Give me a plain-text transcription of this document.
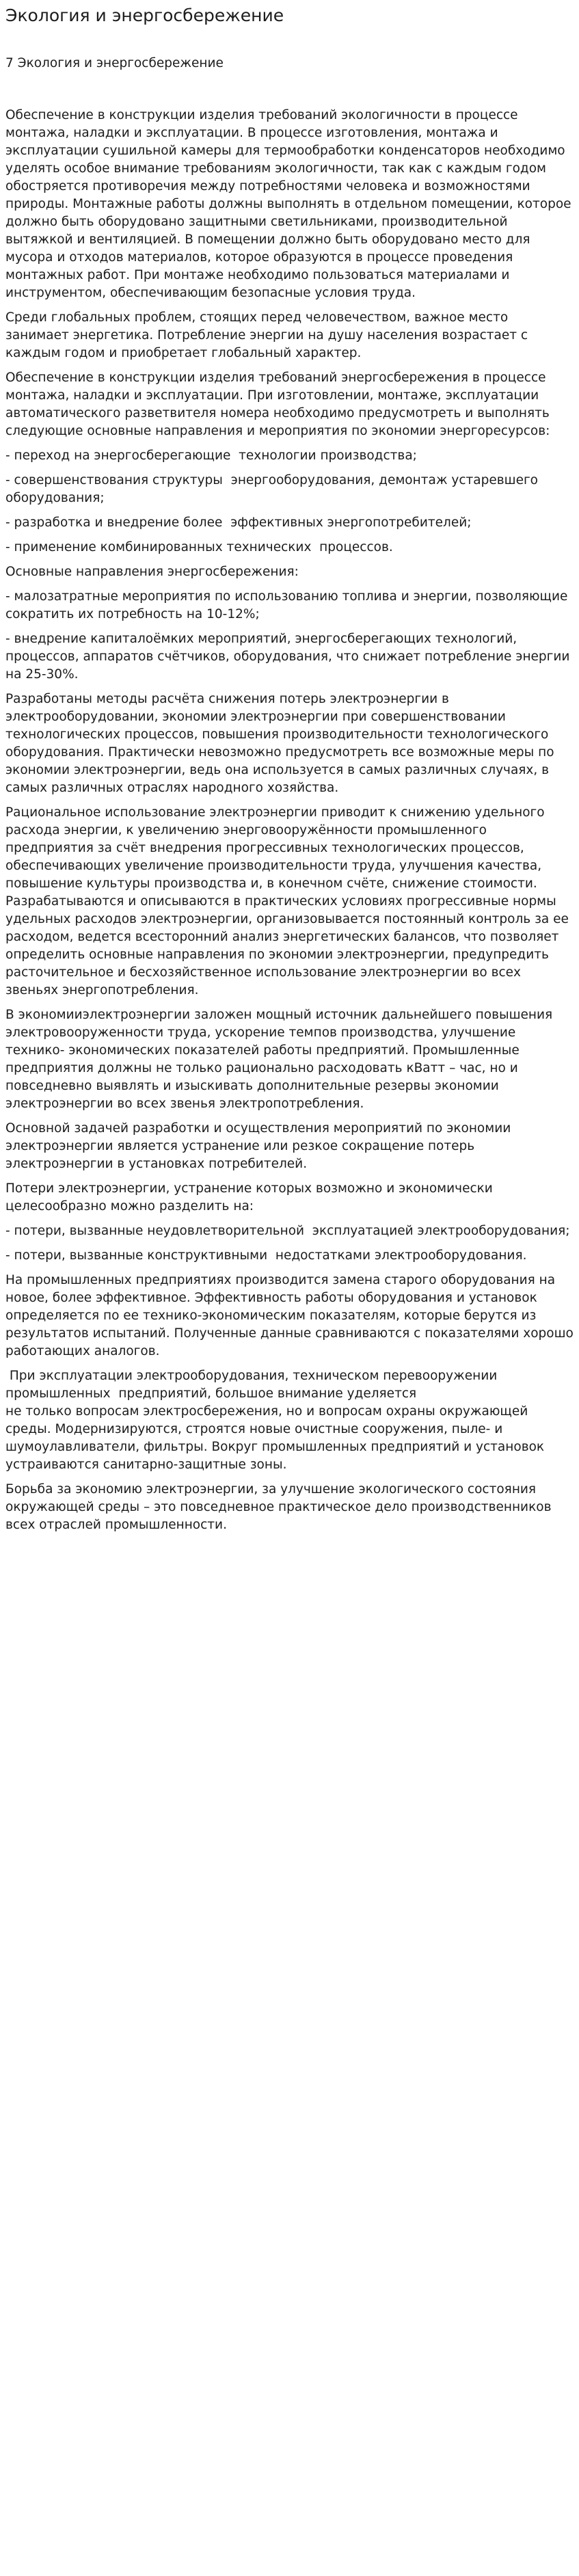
Экология и энергосбережение
7 Экология и энергосбережение

Обеспечение в конструкции изделия требований экологичности в процессе монтажа, наладки и эксплуатации. В процессе изготовления, монтажа и эксплуатации сушильной камеры для термообработки конденсаторов необходимо уделять особое внимание требованиям экологичности, так как с каждым годом обостряется противоречия между потребностями человека и возможностями природы. Монтажные работы должны выполнять в отдельном помещении, которое должно быть оборудовано защитными светильниками, производительной вытяжкой и вентиляцией. В помещении должно быть оборудовано место для мусора и отходов материалов, которое образуются в процессе проведения монтажных работ. При монтаже необходимо пользоваться материалами и инструментом, обеспечивающим безопасные условия труда.

Среди глобальных проблем, стоящих перед человечеством, важное место занимает энергетика. Потребление энергии на душу населения возрастает с каждым годом и приобретает глобальный характер.

Обеспечение в конструкции изделия требований энергосбережения в процессе монтажа, наладки и эксплуатации. При изготовлении, монтаже, эксплуатации автоматического разветвителя номера необходимо предусмотреть и выполнять следующие основные направления и мероприятия по экономии энергоресурсов:

- переход на энергосберегающие  технологии производства;

- совершенствования структуры  энергооборудования, демонтаж устаревшего оборудования;

- разработка и внедрение более  эффективных энергопотребителей;

- применение комбинированных технических  процессов.

Основные направления энергосбережения:

- малозатратные мероприятия по использованию топлива и энергии, позволяющие сократить их потребность на 10-12%;

- внедрение капиталоёмких мероприятий, энергосберегающих технологий, процессов, аппаратов счётчиков, оборудования, что снижает потребление энергии на 25-30%.

Разработаны методы расчёта снижения потерь электроэнергии в электрооборудовании, экономии электроэнергии при совершенствовании технологических процессов, повышения производительности технологического оборудования. Практически невозможно предусмотреть все возможные меры по экономии электроэнергии, ведь она используется в самых различных случаях, в самых различных отраслях народного хозяйства.

Рациональное использование электроэнергии приводит к снижению удельного расхода энергии, к увеличению энерговооружённости промышленного предприятия за счёт внедрения прогрессивных технологических процессов, обеспечивающих увеличение производительности труда, улучшения качества, повышение культуры производства и, в конечном счёте, снижение стоимости. Разрабатываются и описываются в практических условиях прогрессивные нормы удельных расходов электроэнергии, организовывается постоянный контроль за ее расходом, ведется всесторонний анализ энергетических балансов, что позволяет определить основные направления по экономии электроэнергии, предупредить расточительное и бесхозяйственное использование электроэнергии во всех звеньях энергопотребления.

В экономииэлектроэнергии заложен мощный источник дальнейшего повышения электровооруженности труда, ускорение темпов производства, улучшение технико- экономических показателей работы предприятий. Промышленные предприятия должны не только рационально расходовать кВатт – час, но и повседневно выявлять и изыскивать дополнительные резервы экономии электроэнергии во всех звенья электропотребления.

Основной задачей разработки и осуществления мероприятий по экономии электроэнергии является устранение или резкое сокращение потерь электроэнергии в установках потребителей.

Потери электроэнергии, устранение которых возможно и экономически целесообразно можно разделить на:

- потери, вызванные неудовлетворительной  эксплуатацией электрооборудования;

- потери, вызванные конструктивными  недостатками электрооборудования.

На промышленных предприятиях производится замена старого оборудования на новое, более эффективное. Эффективность работы оборудования и установок определяется по ее технико-экономическим показателям, которые берутся из результатов испытаний. Полученные данные сравниваются с показателями хорошо работающих аналогов.

При эксплуатации электрооборудования, техническом перевооружении промышленных  предприятий, большое внимание уделяется
не только вопросам электросбережения, но и вопросам охраны окружающей среды. Модернизируются, строятся новые очистные сооружения, пыле- и шумоулавливатели, фильтры. Вокруг промышленных предприятий и установок устраиваются санитарно-защитные зоны.

Борьба за экономию электроэнергии, за улучшение экологического состояния окружающей среды – это повседневное практическое дело производственников всех отраслей промышленности.
